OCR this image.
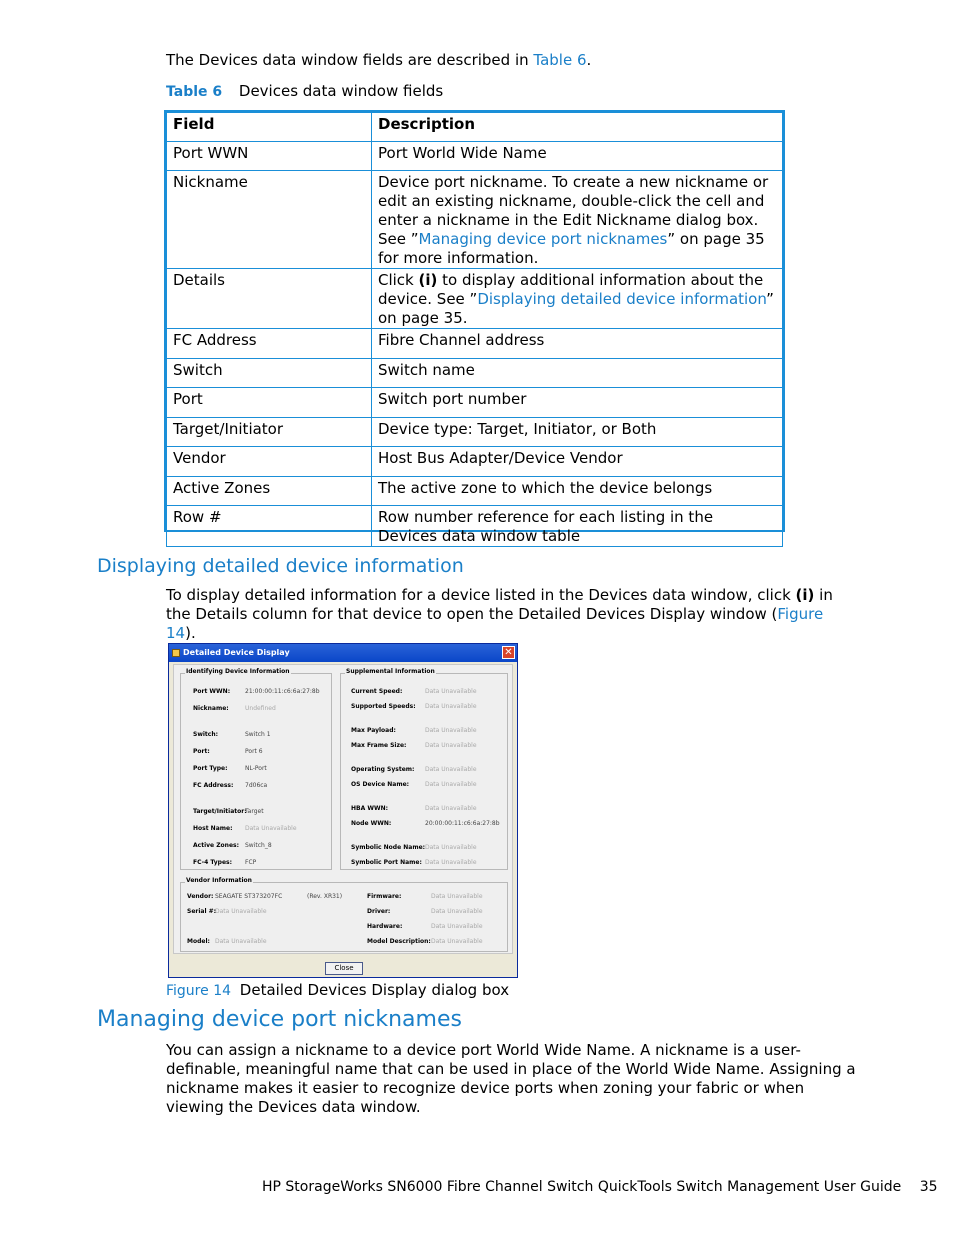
The Devices data window fields are described in Table 6.
Table 6 Devices data window fields
Field	Description
Port WWN	Port World Wide Name
Nickname	Device port nickname. To create a new nickname or edit an existing nickname, double-click the cell and enter a nickname in the Edit Nickname dialog box. See ”Managing device port nicknames” on page 35 for more information.
Details	Click (i) to display additional information about the device. See ”Displaying detailed device information” on page 35.
FC Address	Fibre Channel address
Switch	Switch name
Port	Switch port number
Target/Initiator	Device type: Target, Initiator, or Both
Vendor	Host Bus Adapter/Device Vendor
Active Zones	The active zone to which the device belongs
Row #	Row number reference for each listing in the Devices data window table
Displaying detailed device information
To display detailed information for a device listed in the Devices data window, click (i) in the Details column for that device to open the Detailed Devices Display window (Figure 14).
Detailed Device Display	✕
Identifying Device Information
Port WWN: 21:00:00:11:c6:6a:27:8b
Nickname:	Undefined
Switch:	Switch 1
Port:	Port 6
Port Type:	NL-Port
FC Address: 7d06ca
Target/Initiator:
Target
Host Name: Data Unavailable
Active Zones: Switch_8
FC-4 Types: FCP
Supplemental Information
Current Speed:	Data Unavailable
Supported Speeds: Data Unavailable
Max Payload:	Data Unavailable
Max Frame Size:	Data Unavailable
Operating System: Data Unavailable
OS Device Name:	Data Unavailable
HBA WWN:	Data Unavailable
Node WWN:	20:00:00:11:c6:6a:27:8b
Symbolic Node Name: Data Unavailable
Symbolic Port Name: Data Unavailable
Vendor Information
Vendor: SEAGATE ST373207FC	(Rev. XR31)
Serial #:
Data Unavailable
Model: Data Unavailable
Firmware:	Data Unavailable
Driver:	Data Unavailable
Hardware:	Data Unavailable
Model Description: Data Unavailable
Close
Figure 14 Detailed Devices Display dialog box
Managing device port nicknames
You can assign a nickname to a device port World Wide Name. A nickname is a user-definable, meaningful name that can be used in place of the World Wide Name. Assigning a nickname makes it easier to recognize device ports when zoning your fabric or when viewing the Devices data window.
HP StorageWorks SN6000 Fibre Channel Switch QuickTools Switch Management User Guide 35
